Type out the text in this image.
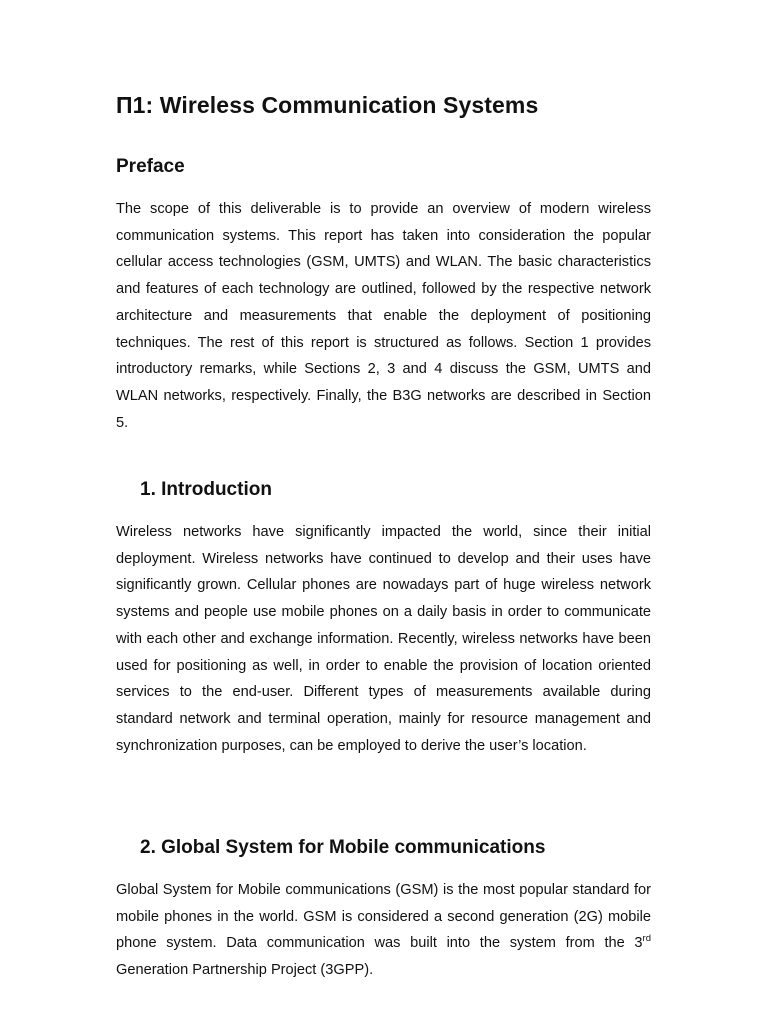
П1: Wireless Communication Systems
Preface

The scope of this deliverable is to provide an overview of modern wireless communication systems. This report has taken into consideration the popular cellular access technologies (GSM, UMTS) and WLAN. The basic characteristics and features of each technology are outlined, followed by the respective network architecture and measurements that enable the deployment of positioning techniques. The rest of this report is structured as follows. Section 1 provides introductory remarks, while Sections 2, 3 and 4 discuss the GSM, UMTS and WLAN networks, respectively. Finally, the B3G networks are described in Section 5.

1. Introduction

Wireless networks have significantly impacted the world, since their initial deployment. Wireless networks have continued to develop and their uses have significantly grown. Cellular phones are nowadays part of huge wireless network systems and people use mobile phones on a daily basis in order to communicate with each other and exchange information. Recently, wireless networks have been used for positioning as well, in order to enable the provision of location oriented services to the end-user. Different types of measurements available during standard network and terminal operation, mainly for resource management and synchronization purposes, can be employed to derive the user’s location.

2. Global System for Mobile communications

Global System for Mobile communications (GSM) is the most popular standard for mobile phones in the world. GSM is considered a second generation (2G) mobile phone system. Data communication was built into the system from the 3rd Generation Partnership Project (3GPP).
